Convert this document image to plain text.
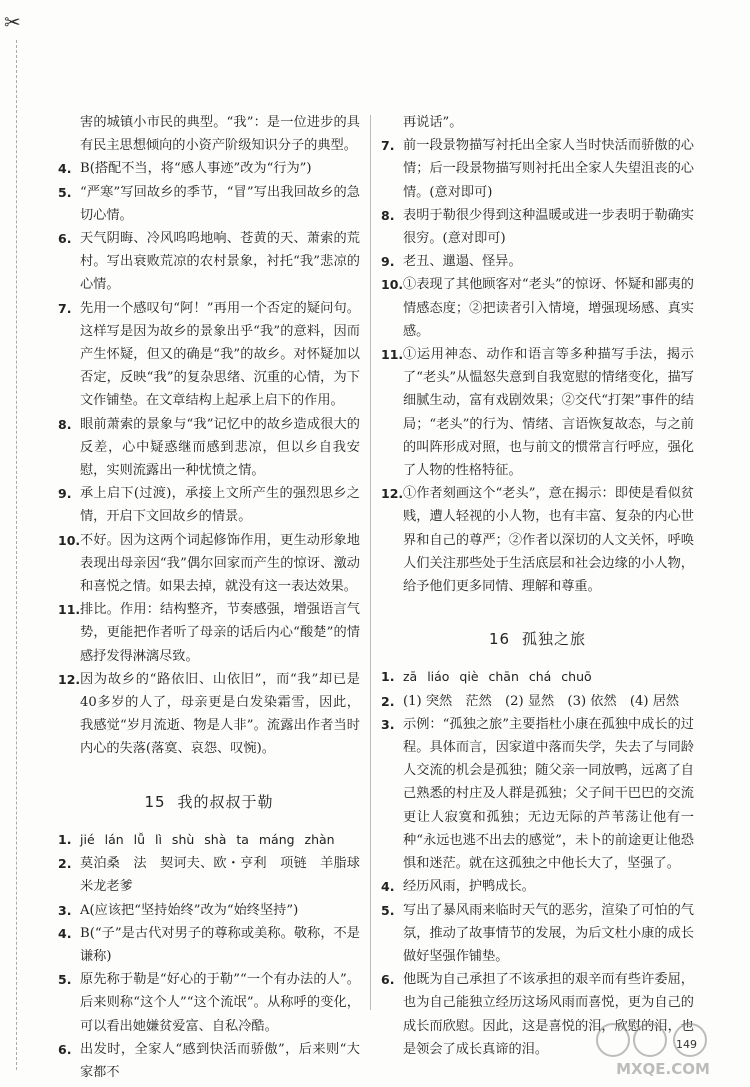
✂
害的城镇小市民的典型。“我”：是一位进步的具有民主思想倾向的小资产阶级知识分子的典型。
4. B(搭配不当，将“感人事迹”改为“行为”)
5. “严寒”写回故乡的季节，“冒”写出我回故乡的急切心情。
6. 天气阴晦、冷风呜呜地响、苍黄的天、萧索的荒村。写出衰败荒凉的农村景象，衬托“我”悲凉的心情。
7. 先用一个感叹句“阿！”再用一个否定的疑问句。这样写是因为故乡的景象出乎“我”的意料，因而产生怀疑，但又的确是“我”的故乡。对怀疑加以否定，反映“我”的复杂思绪、沉重的心情，为下文作铺垫。在文章结构上起承上启下的作用。
8. 眼前萧索的景象与“我”记忆中的故乡造成很大的反差，心中疑惑继而感到悲凉，但以乡自我安慰，实则流露出一种忧愤之情。
9. 承上启下(过渡)，承接上文所产生的强烈思乡之情，开启下文回故乡的情景。
10. 不好。因为这两个词起修饰作用，更生动形象地表现出母亲因“我”偶尔回家而产生的惊讶、激动和喜悦之情。如果去掉，就没有这一表达效果。
11. 排比。作用：结构整齐，节奏感强，增强语言气势，更能把作者听了母亲的话后内心“酸楚”的情感抒发得淋漓尽致。
12. 因为故乡的“路依旧、山依旧”，而“我”却已是40多岁的人了，母亲更是白发染霜雪，因此，我感觉“岁月流逝、物是人非”。流露出作者当时内心的失落(落寞、哀怨、叹惋)。
15 我的叔叔于勒
1. jié lán lǚ lì shù shà ta máng zhàn
2. 莫泊桑　法　契诃夫、欧・亨利　项链　羊脂球　米龙老爹
3. A(应该把“坚持始终”改为“始终坚持”)
4. B(“子”是古代对男子的尊称或美称。敬称，不是谦称)
5. 原先称于勒是“好心的于勒”“一个有办法的人”。后来则称“这个人”“这个流氓”。从称呼的变化，可以看出她嫌贫爱富、自私冷酷。
6. 出发时，全家人“感到快活而骄傲”，后来则“大家都不
再说话”。
7. 前一段景物描写衬托出全家人当时快活而骄傲的心情；后一段景物描写则衬托出全家人失望沮丧的心情。(意对即可)
8. 表明于勒很少得到这种温暖或进一步表明于勒确实很穷。(意对即可)
9. 老丑、邋遢、怪异。
10. ①表现了其他顾客对“老头”的惊讶、怀疑和鄙夷的情感态度；②把读者引入情境，增强现场感、真实感。
11. ①运用神态、动作和语言等多种描写手法，揭示了“老头”从愠怒失意到自我宽慰的情绪变化，描写细腻生动，富有戏剧效果；②交代“打架”事件的结局；“老头”的行为、情绪、言语恢复故态，与之前的叫阵形成对照，也与前文的惯常言行呼应，强化了人物的性格特征。
12. ①作者刻画这个“老头”，意在揭示：即使是看似贫贱，遭人轻视的小人物，也有丰富、复杂的内心世界和自己的尊严；②作者以深切的人文关怀，呼唤人们关注那些处于生活底层和社会边缘的小人物，给予他们更多同情、理解和尊重。
16 孤独之旅
1. zā liáo qiè chān chá chuō
2. (1) 突然　茫然　(2) 显然　(3) 依然　(4) 居然
3. 示例：“孤独之旅”主要指杜小康在孤独中成长的过程。具体而言，因家道中落而失学，失去了与同龄人交流的机会是孤独；随父亲一同放鸭，远离了自己熟悉的村庄及人群是孤独；父子间干巴巴的交流更让人寂寞和孤独；无边无际的芦苇荡让他有一种“永远也逃不出去的感觉”，未卜的前途更让他恐惧和迷茫。就在这孤独之中他长大了，坚强了。
4. 经历风雨，护鸭成长。
5. 写出了暴风雨来临时天气的恶劣，渲染了可怕的气氛，推动了故事情节的发展，为后文杜小康的成长做好坚强作铺垫。
6. 他既为自己承担了不该承担的艰辛而有些许委屈，也为自己能独立经历这场风雨而喜悦，更为自己的成长而欣慰。因此，这是喜悦的泪，欣慰的泪，也是领会了成长真谛的泪。	149
MXQE.COM
